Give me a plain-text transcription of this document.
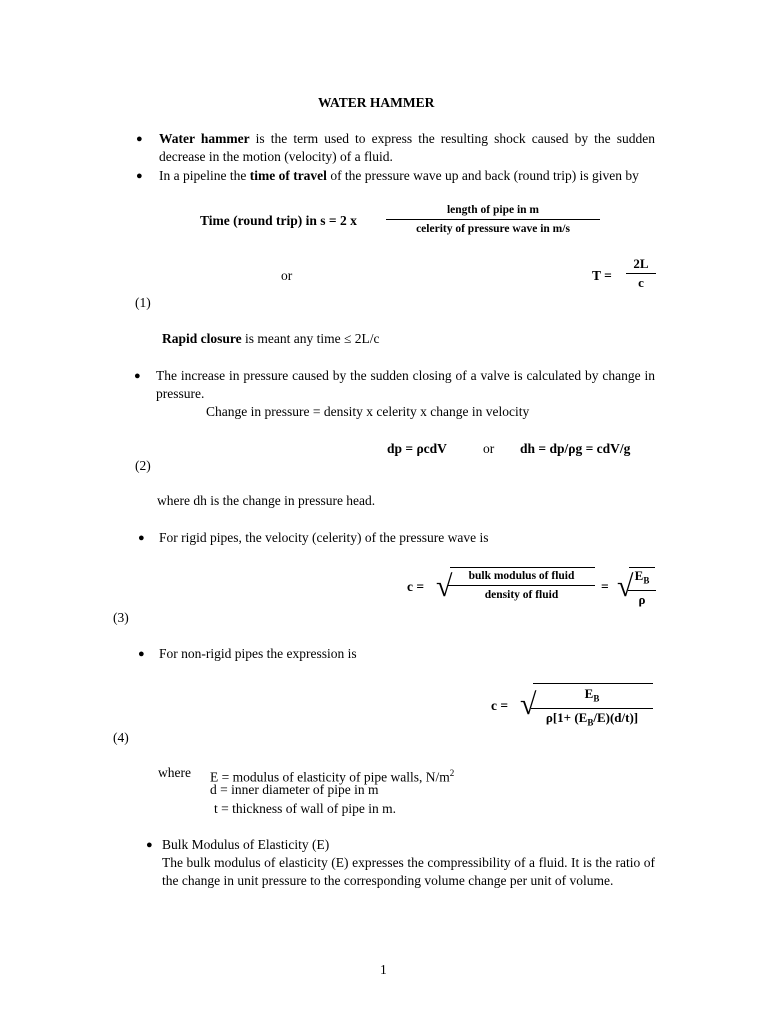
WATER HAMMER
● Water hammer is the term used to express the resulting shock caused by the sudden decrease in the motion (velocity) of a fluid.
● In a pipeline the time of travel of the pressure wave up and back (round trip) is given by
Time (round trip) in s = 2 x
length of pipe in m
celerity of pressure wave in m/s
or	$T = \frac{2L}{c}$
(1)
Rapid closure is meant any time ≤ 2L/c
● The increase in pressure caused by the sudden closing of a valve is calculated by change in pressure.
Change in pressure = density x celerity x change in velocity
dp = ρcdV	or dh = dp/ρg = cdV/g
(2)
where dh is the change in pressure head.
● For rigid pipes, the velocity (celerity) of the pressure wave is
c = √	bulk modulus of fluid
density of fluid
= √
$\frac{E_B}{\rho}$
(3)
● For non-rigid pipes the expression is
c = √
$\frac{E_B}{\rho[1+ (E_B/E)(d/t)]}$
(4)
where E = modulus of elasticity of pipe walls, $N/m^2$
d = inner diameter of pipe in m
t = thickness of wall of pipe in m.
● Bulk Modulus of Elasticity (E)
The bulk modulus of elasticity (E) expresses the compressibility of a fluid. It is the ratio of the change in unit pressure to the corresponding volume change per unit of volume.
1
